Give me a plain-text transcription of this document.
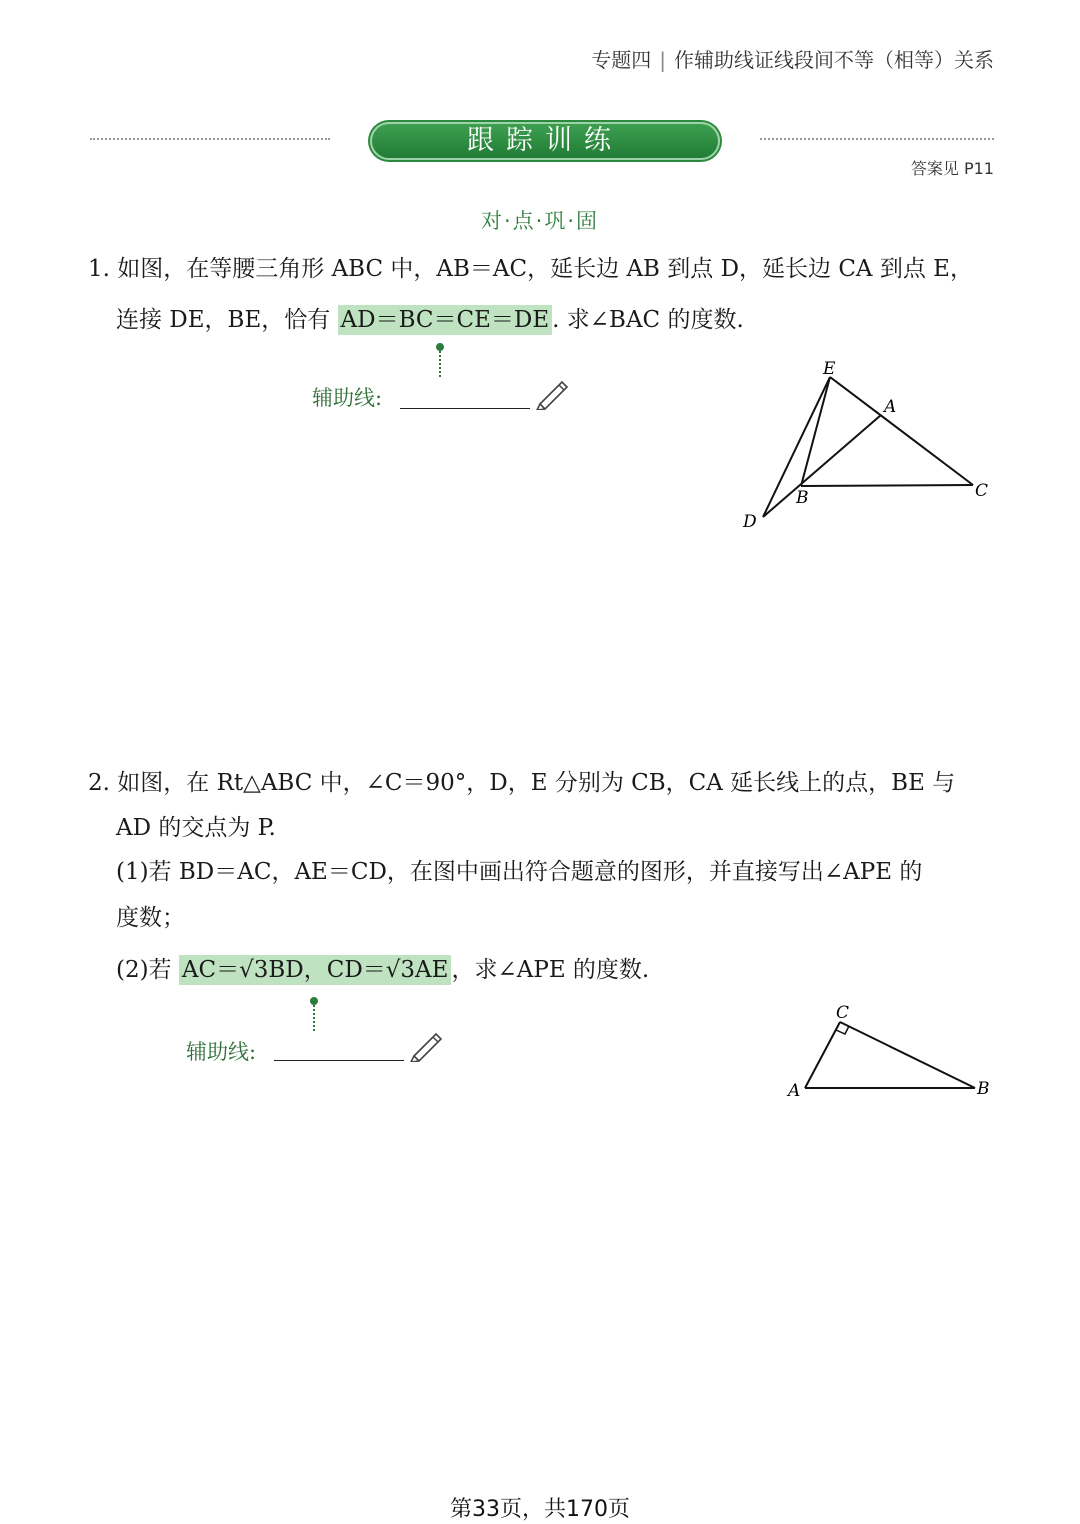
专题四 | 作辅助线证线段间不等（相等）关系
跟踪训练
答案见 P11
对·点·巩·固
1. 如图，在等腰三角形 ABC 中，AB＝AC，延长边 AB 到点 D，延长边 CA 到点 E，
连接 DE，BE，恰有 AD＝BC＝CE＝DE . 求∠BAC 的度数.
辅助线:
E
A
B	C
D
2. 如图，在 Rt△ABC 中，∠C＝90°，D，E 分别为 CB，CA 延长线上的点，BE 与
AD 的交点为 P.
(1)若 BD＝AC，AE＝CD，在图中画出符合题意的图形，并直接写出∠APE 的
度数；
(2)若 AC＝√3BD，CD＝√3AE ，求∠APE 的度数.
辅助线:
C
A	B
第33页，共170页
